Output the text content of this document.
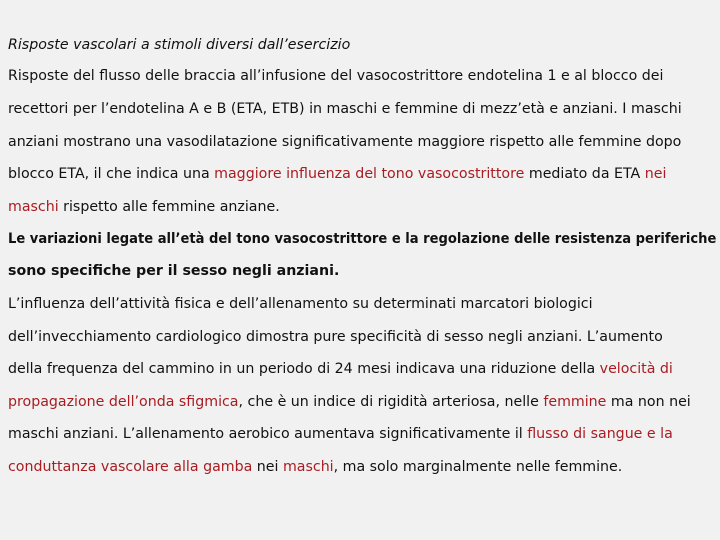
Risposte vascolari a stimoli diversi dall’esercizio
Risposte del flusso delle braccia all’infusione del vasocostrittore endotelina 1 e al blocco dei
recettori per l’endotelina A e B (ETA, ETB) in maschi e femmine di mezz’età e anziani. I maschi
anziani mostrano una vasodilatazione significativamente maggiore rispetto alle femmine dopo
blocco ETA, il che indica una maggiore influenza del tono vasocostrittore mediato da ETA nei
maschi rispetto alle femmine anziane.
Le variazioni legate all’età del tono vasocostrittore e la regolazione delle resistenza periferiche
sono specifiche per il sesso negli anziani.
L’influenza dell’attività fisica e dell’allenamento su determinati marcatori biologici
dell’invecchiamento cardiologico dimostra pure specificità di sesso negli anziani. L’aumento
della frequenza del cammino in un periodo di 24 mesi indicava una riduzione della velocità di
propagazione dell’onda sfigmica, che è un indice di rigidità arteriosa, nelle femmine ma non nei
maschi anziani. L’allenamento aerobico aumentava significativamente il flusso di sangue e la
conduttanza vascolare alla gamba nei maschi, ma solo marginalmente nelle femmine.
